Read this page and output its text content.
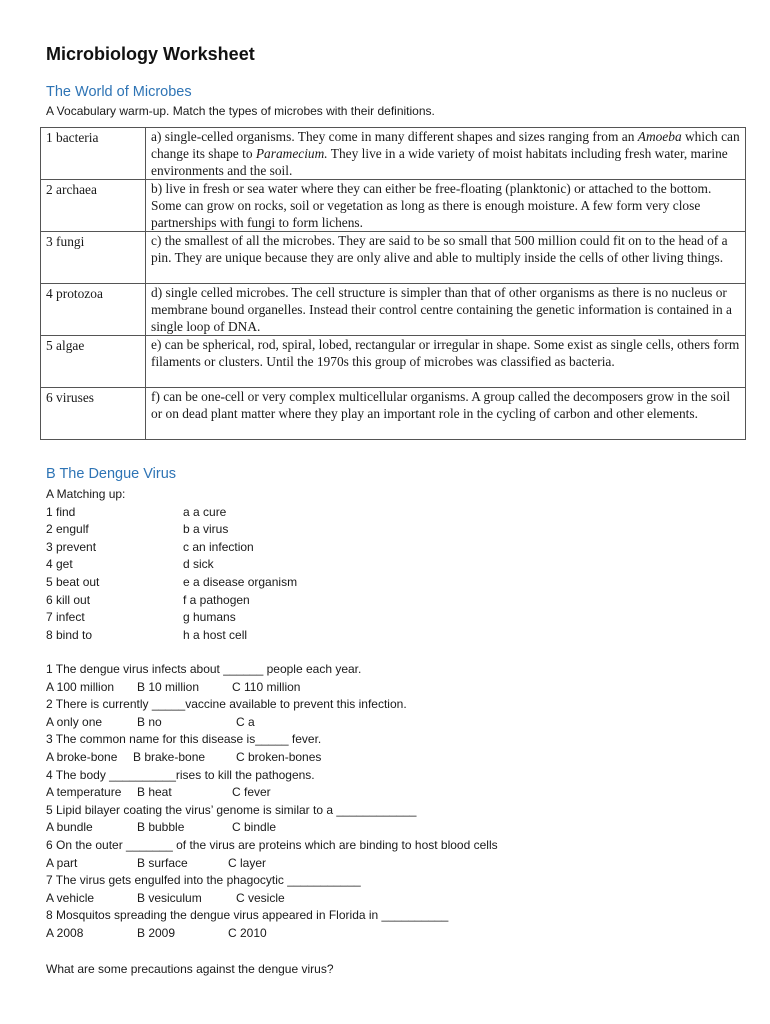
Microbiology Worksheet
The World of Microbes
A Vocabulary warm-up. Match the types of microbes with their definitions.
1 bacteria	a) single-celled organisms. They come in many different shapes and sizes ranging from an Amoeba which can change its shape to Paramecium. They live in a wide variety of moist habitats including fresh water, marine environments and the soil.
2 archaea	b) live in fresh or sea water where they can either be free-floating (planktonic) or attached to the bottom. Some can grow on rocks, soil or vegetation as long as there is enough moisture. A few form very close partnerships with fungi to form lichens.
3 fungi	c) the smallest of all the microbes. They are said to be so small that 500 million could fit on to the head of a pin. They are unique because they are only alive and able to multiply inside the cells of other living things.
4 protozoa	d) single celled microbes. The cell structure is simpler than that of other organisms as there is no nucleus or membrane bound organelles. Instead their control centre containing the genetic information is contained in a single loop of DNA.
5 algae	e) can be spherical, rod, spiral, lobed, rectangular or irregular in shape. Some exist as single cells, others form filaments or clusters. Until the 1970s this group of microbes was classified as bacteria.
6 viruses	f) can be one-cell or very complex multicellular organisms. A group called the decomposers grow in the soil or on dead plant matter where they play an important role in the cycling of carbon and other elements.
B The Dengue Virus
A Matching up:
1 find	a a cure
2 engulf	b a virus
3 prevent	c an infection
4 get	d sick
5 beat out	e a disease organism
6 kill out	f a pathogen
7 infect	g humans
8 bind to	h a host cell
1 The dengue virus infects about ______ people each year.
A 100 million B 10 million	C 110 million
2 There is currently _____vaccine available to prevent this infection.
A only one	B no	C a
3 The common name for this disease is_____ fever.
A broke-bone B brake-bone	C broken-bones
4 The body __________rises to kill the pathogens.
A temperature B heat	C fever
5 Lipid bilayer coating the virus’ genome is similar to a ____________
A bundle	B bubble	C bindle
6 On the outer _______ of the virus are proteins which are binding to host blood cells
A part	B surface	C layer
7 The virus gets engulfed into the phagocytic ___________
A vehicle	B vesiculum	C vesicle
8 Mosquitos spreading the dengue virus appeared in Florida in __________
A 2008	B 2009	C 2010
What are some precautions against the dengue virus?
